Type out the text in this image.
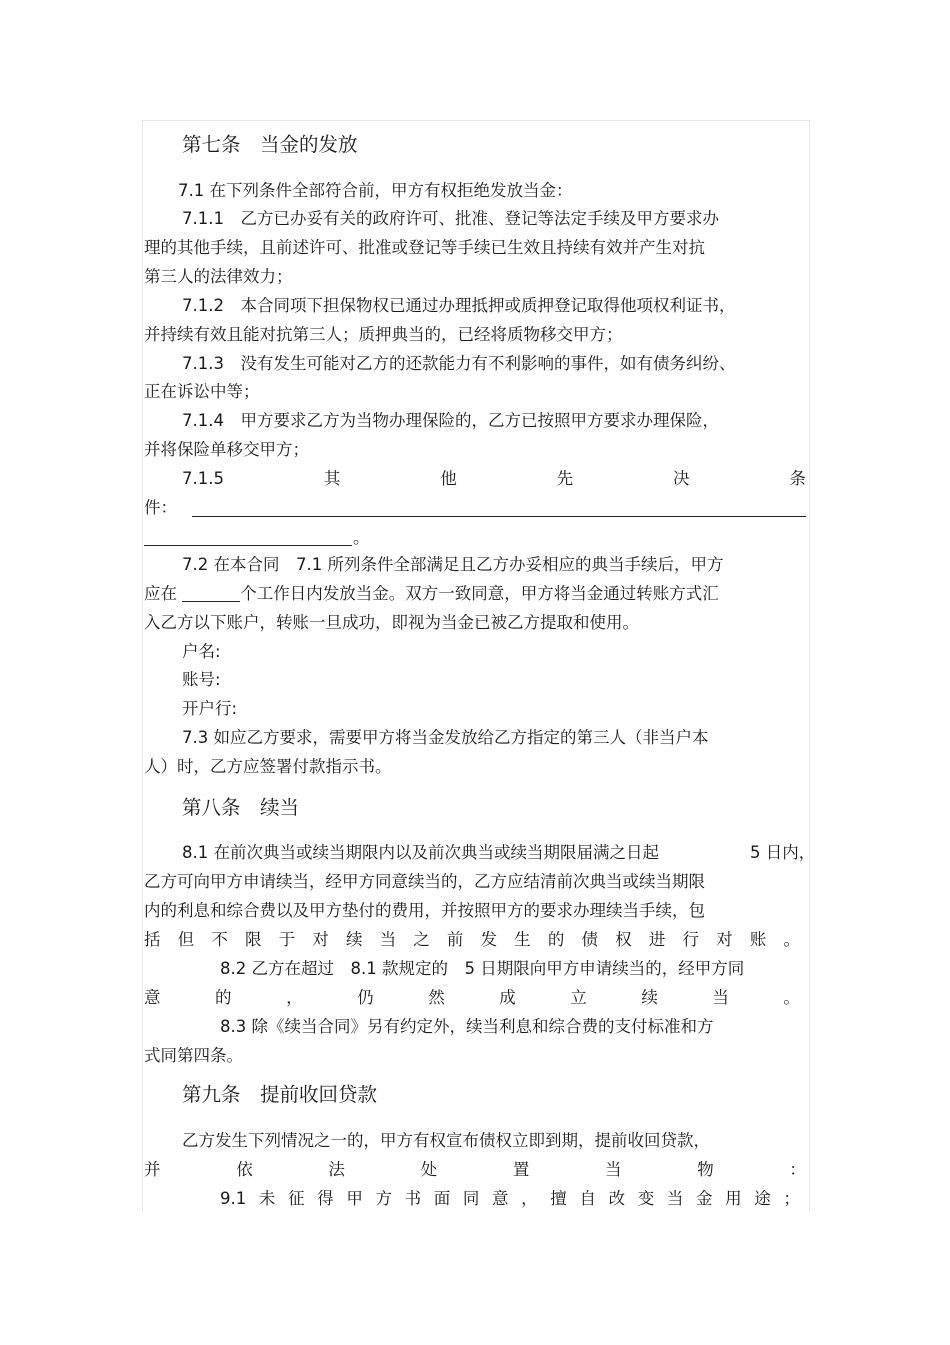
第七条　当金的发放
7.1 在下列条件全部符合前，甲方有权拒绝发放当金：
7.1.1　乙方已办妥有关的政府许可、批准、登记等法定手续及甲方要求办
理的其他手续，且前述许可、批准或登记等手续已生效且持续有效并产生对抗
第三人的法律效力；
7.1.2　本合同项下担保物权已通过办理抵押或质押登记取得他项权利证书，
并持续有效且能对抗第三人；质押典当的，已经将质物移交甲方；
7.1.3　没有发生可能对乙方的还款能力有不利影响的事件，如有债务纠纷、
正在诉讼中等；
7.1.4　甲方要求乙方为当物办理保险的，乙方已按照甲方要求办理保险，
并将保险单移交甲方；
7.1.5	其	他	先	决	条
件：
。
7.2 在本合同　7.1 所列条件全部满足且乙方办妥相应的典当手续后，甲方
应在	个工作日内发放当金。双方一致同意，甲方将当金通过转账方式汇
入乙方以下账户，转账一旦成功，即视为当金已被乙方提取和使用。
户名:
账号:
开户行:
7.3 如应乙方要求，需要甲方将当金发放给乙方指定的第三人（非当户本
人）时，乙方应签署付款指示书。
第八条　续当
8.1 在前次典当或续当期限内以及前次典当或续当期限届满之日起	5 日内，
乙方可向甲方申请续当，经甲方同意续当的，乙方应结清前次典当或续当期限
内的利息和综合费以及甲方垫付的费用，并按照甲方的要求办理续当手续，包
括 但 不 限 于 对 续 当 之 前 发 生 的 债 权 进 行 对 账 。
8.2 乙方在超过　8.1 款规定的　5 日期限向甲方申请续当的，经甲方同
意	的	，	仍	然	成	立	续	当	。
8.3 除《续当合同》另有约定外，续当利息和综合费的支付标准和方
式同第四条。
第九条　提前收回贷款
乙方发生下列情况之一的，甲方有权宣布债权立即到期，提前收回贷款，
并	依	法	处	置	当	物	：
9.1 未 征 得 甲 方 书 面 同 意 ， 擅 自 改 变 当 金 用 途 ；
